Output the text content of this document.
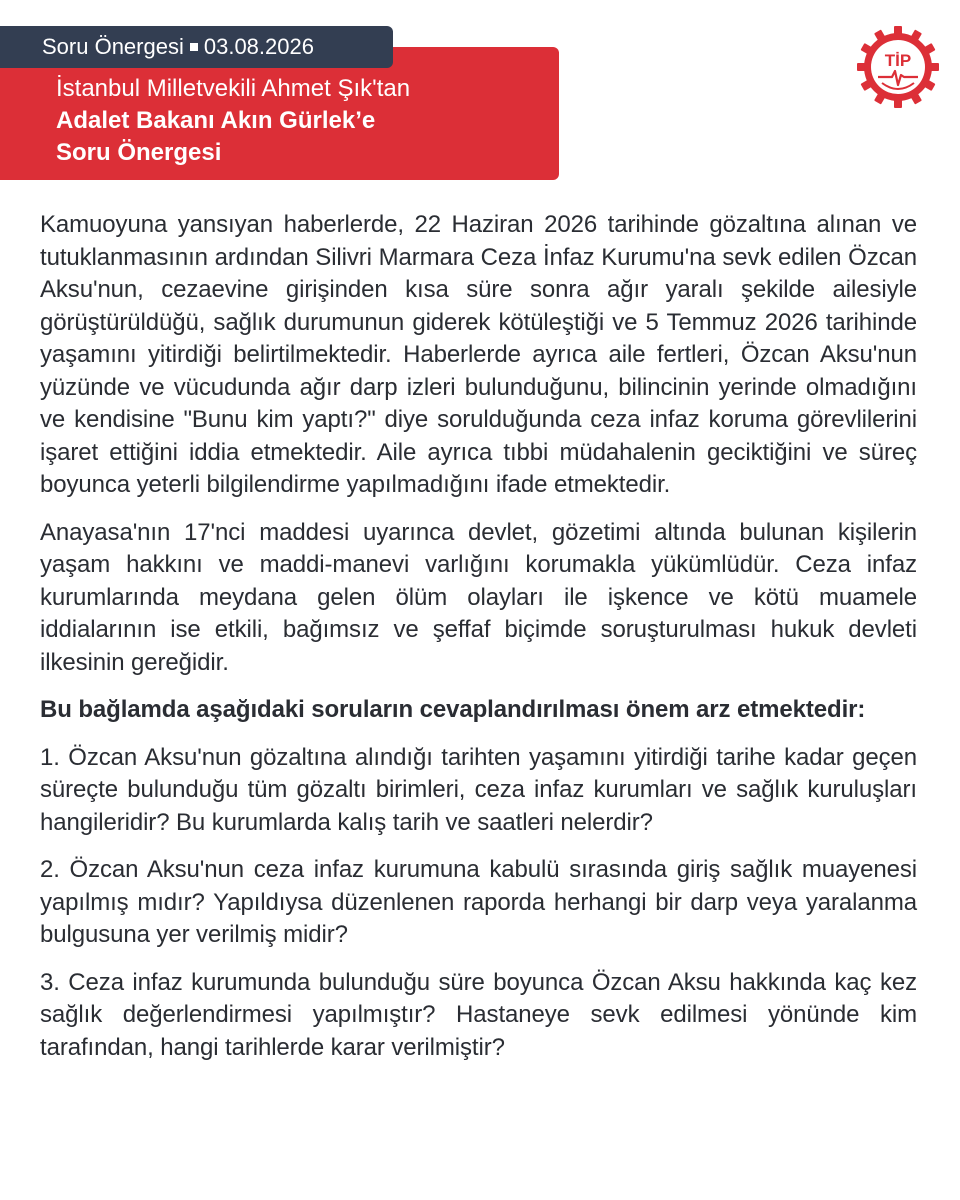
Soru Önergesi 03.08.2026
İstanbul Milletvekili Ahmet Şık'tan
Adalet Bakanı Akın Gürlek’e
Soru Önergesi
TİP

Kamuoyuna yansıyan haberlerde, 22 Haziran 2026 tarihinde gözaltına alınan ve tutuklanmasının ardından Silivri Marmara Ceza İnfaz Kurumu'na sevk edilen Özcan Aksu'nun, cezaevine girişinden kısa süre sonra ağır yaralı şekilde ailesiyle görüştürüldüğü, sağlık durumunun giderek kötüleştiği ve 5 Temmuz 2026 tarihinde yaşamını yitirdiği belirtilmektedir. Haberlerde ayrıca aile fertleri, Özcan Aksu'nun yüzünde ve vücudunda ağır darp izleri bulunduğunu, bilincinin yerinde olmadığını ve kendisine "Bunu kim yaptı?" diye sorulduğunda ceza infaz koruma görevlilerini işaret ettiğini iddia etmektedir. Aile ayrıca tıbbi müdahalenin geciktiğini ve süreç boyunca yeterli bilgilendirme yapılmadığını ifade etmektedir.

Anayasa'nın 17'nci maddesi uyarınca devlet, gözetimi altında bulunan kişilerin yaşam hakkını ve maddi-manevi varlığını korumakla yükümlüdür. Ceza infaz kurumlarında meydana gelen ölüm olayları ile işkence ve kötü muamele iddialarının ise etkili, bağımsız ve şeffaf biçimde soruşturulması hukuk devleti ilkesinin gereğidir.

Bu bağlamda aşağıdaki soruların cevaplandırılması önem arz etmektedir:

1. Özcan Aksu'nun gözaltına alındığı tarihten yaşamını yitirdiği tarihe kadar geçen süreçte bulunduğu tüm gözaltı birimleri, ceza infaz kurumları ve sağlık kuruluşları hangileridir? Bu kurumlarda kalış tarih ve saatleri nelerdir?

2. Özcan Aksu'nun ceza infaz kurumuna kabulü sırasında giriş sağlık muayenesi yapılmış mıdır? Yapıldıysa düzenlenen raporda herhangi bir darp veya yaralanma bulgusuna yer verilmiş midir?

3. Ceza infaz kurumunda bulunduğu süre boyunca Özcan Aksu hakkında kaç kez sağlık değerlendirmesi yapılmıştır? Hastaneye sevk edilmesi yönünde kim tarafından, hangi tarihlerde karar verilmiştir?
